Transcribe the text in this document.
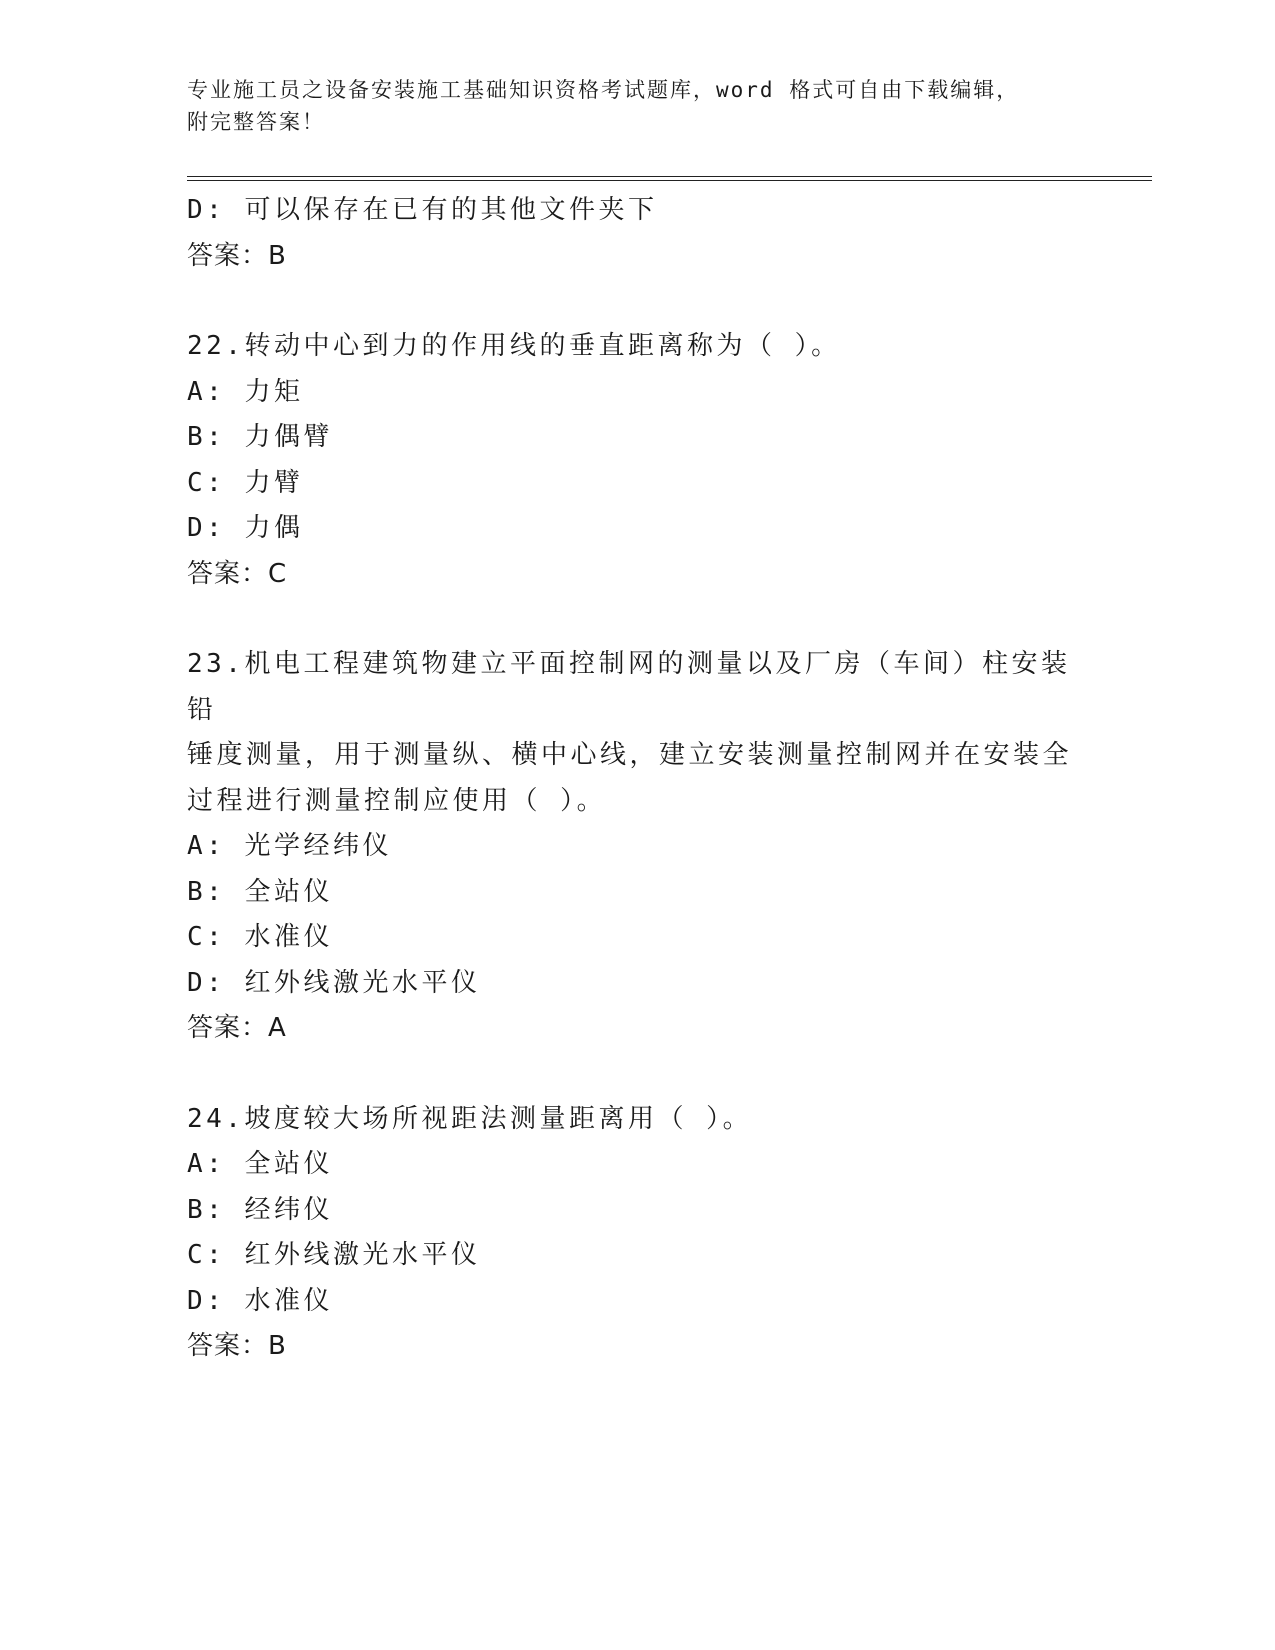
专业施工员之设备安装施工基础知识资格考试题库，word 格式可自由下载编辑，
附完整答案！
D: 可以保存在已有的其他文件夹下
答案：B
22.转动中心到力的作用线的垂直距离称为（ ）。
A: 力矩
B: 力偶臂
C: 力臂
D: 力偶
答案：C
23.机电工程建筑物建立平面控制网的测量以及厂房（车间）柱安装铅
锤度测量，用于测量纵、横中心线，建立安装测量控制网并在安装全
过程进行测量控制应使用（ ）。
A: 光学经纬仪
B: 全站仪
C: 水准仪
D: 红外线激光水平仪
答案：A
24.坡度较大场所视距法测量距离用（ ）。
A: 全站仪
B: 经纬仪
C: 红外线激光水平仪
D: 水准仪
答案：B
